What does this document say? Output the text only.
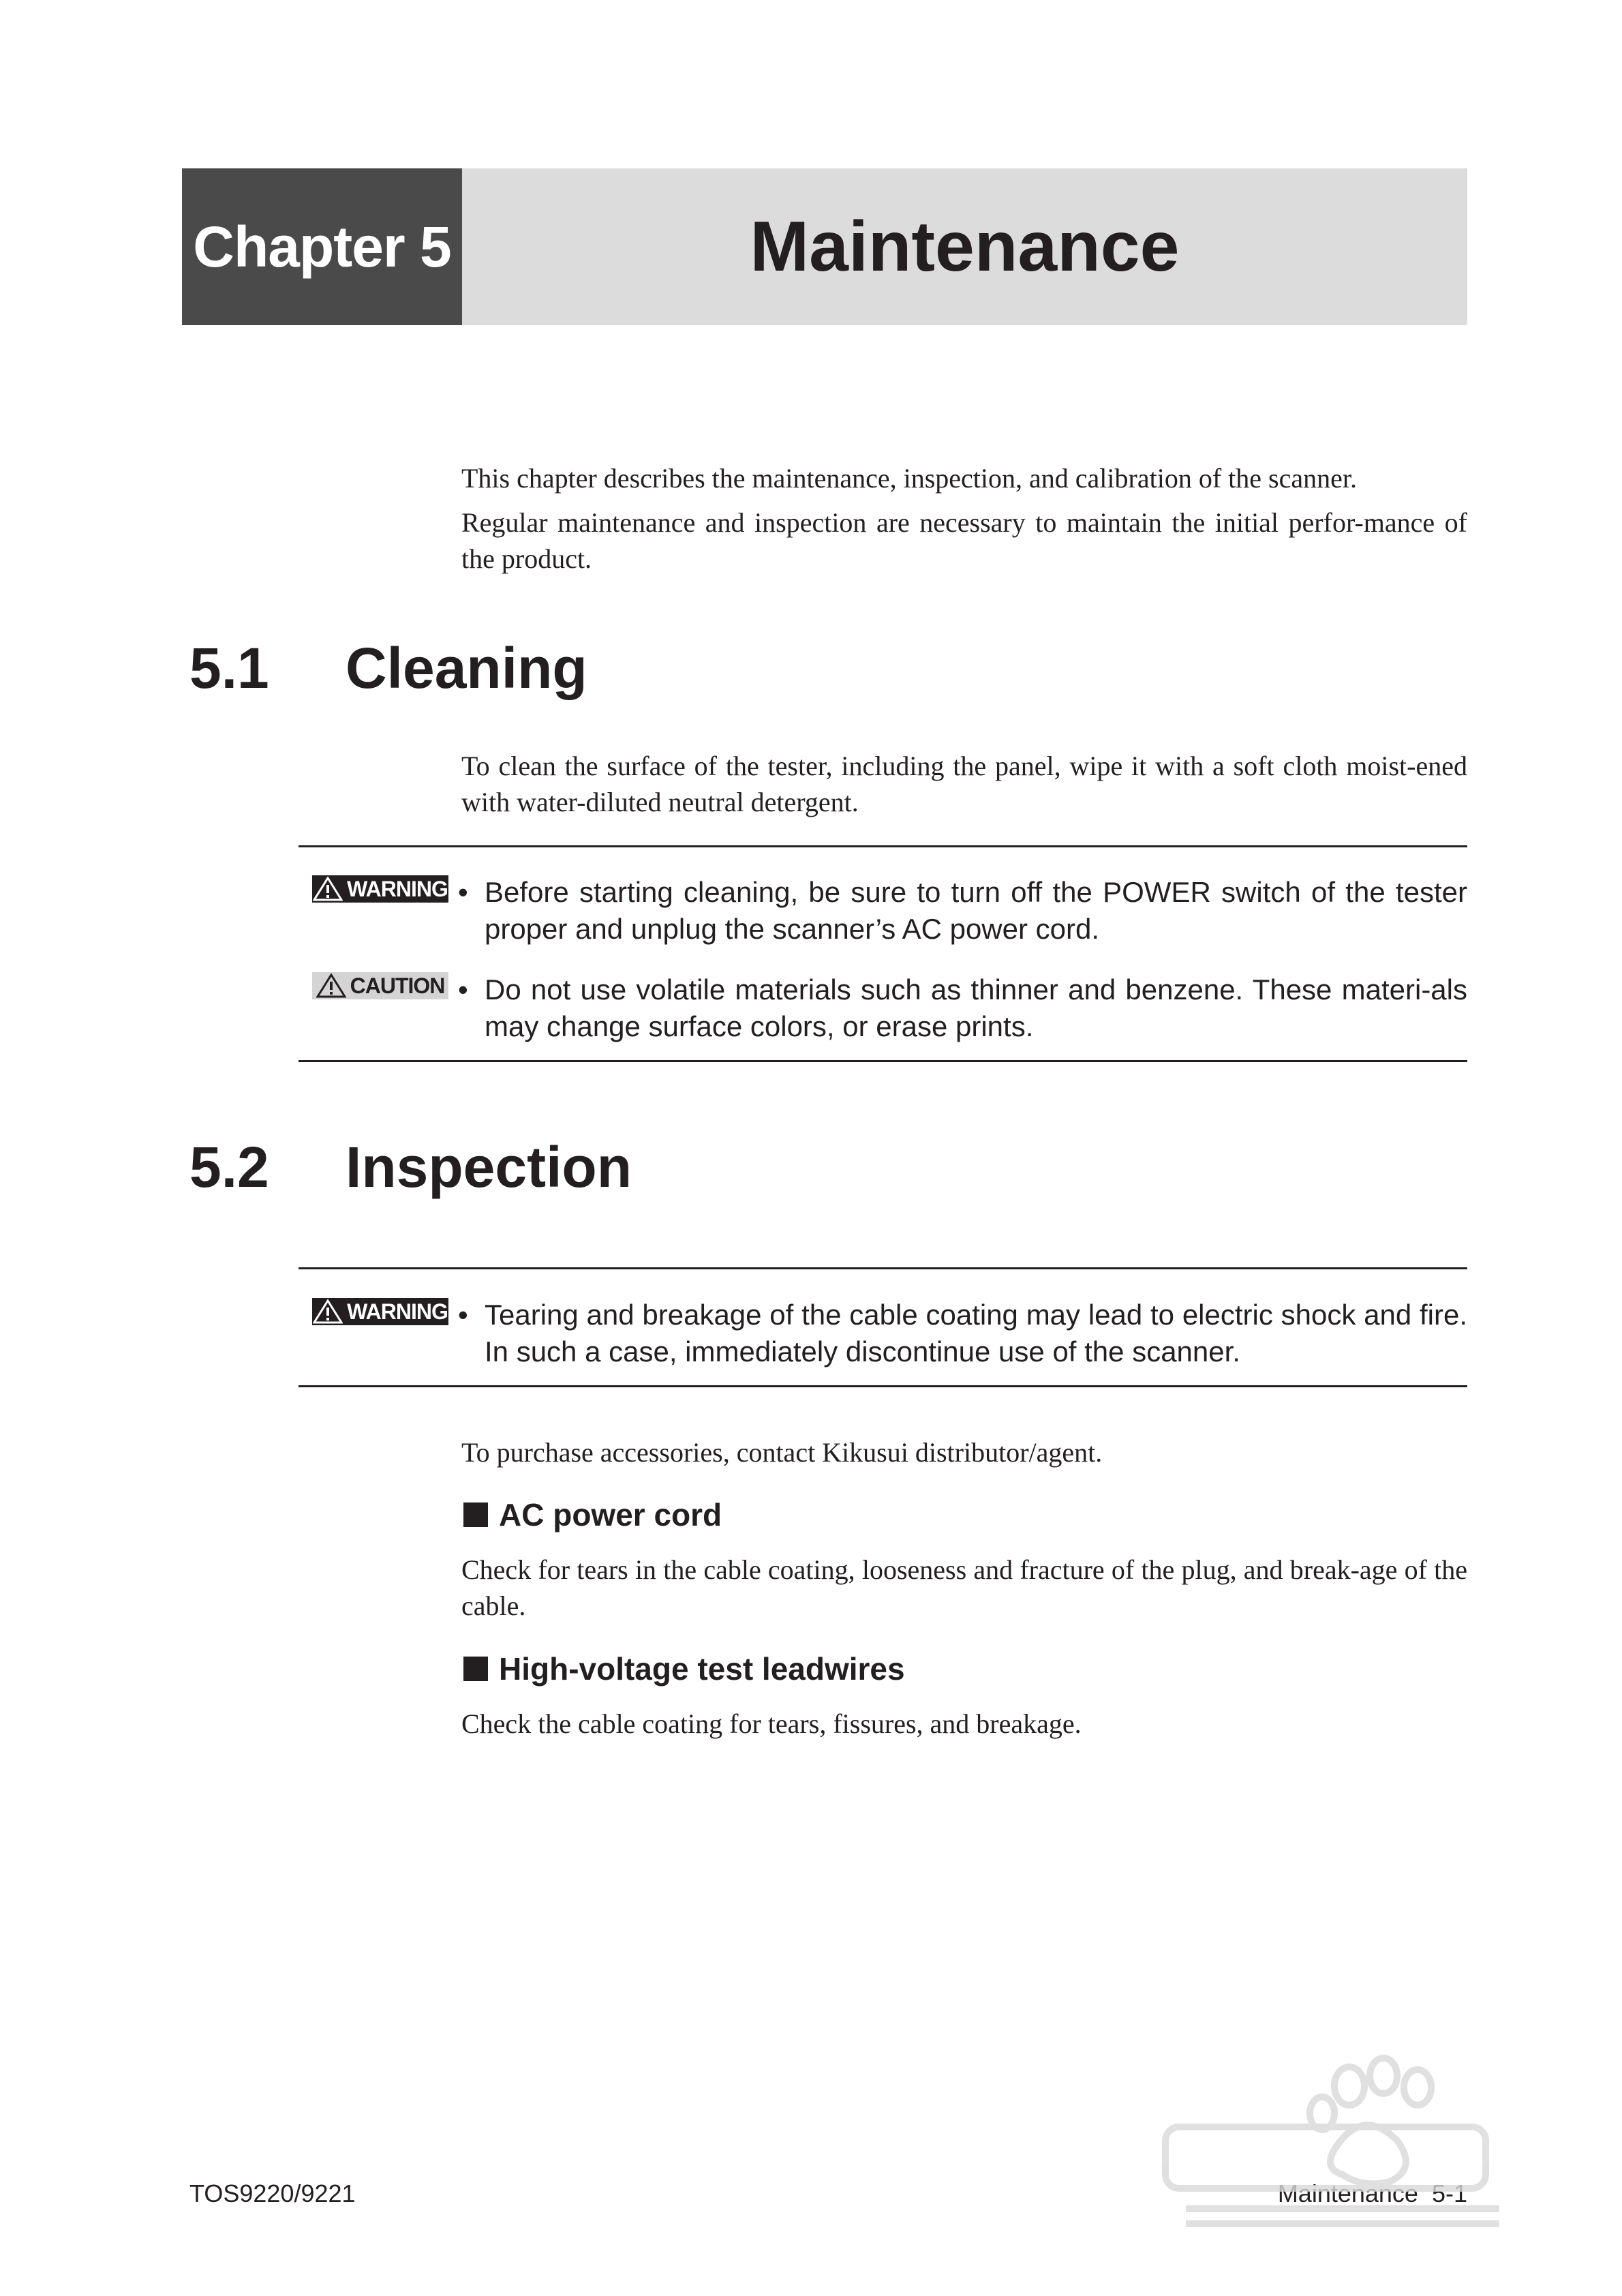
Chapter 5	Maintenance
This chapter describes the maintenance, inspection, and calibration of the scanner.
Regular maintenance and inspection are necessary to maintain the initial perfor-mance of the product.
5.1 Cleaning
To clean the surface of the tester, including the panel, wipe it with a soft cloth moist-ened with water-diluted neutral detergent.
WARNING • Before starting cleaning, be sure to turn off the POWER switch of the tester proper and unplug the scanner’s AC power cord.
CAUTION • Do not use volatile materials such as thinner and benzene. These materi-als may change surface colors, or erase prints.
5.2 Inspection
WARNING • Tearing and breakage of the cable coating may lead to electric shock and fire. In such a case, immediately discontinue use of the scanner.
To purchase accessories, contact Kikusui distributor/agent.
AC power cord
Check for tears in the cable coating, looseness and fracture of the plug, and break-age of the cable.
High-voltage test leadwires
Check the cable coating for tears, fissures, and breakage.
TOS9220/9221	Maintenance  5-1
